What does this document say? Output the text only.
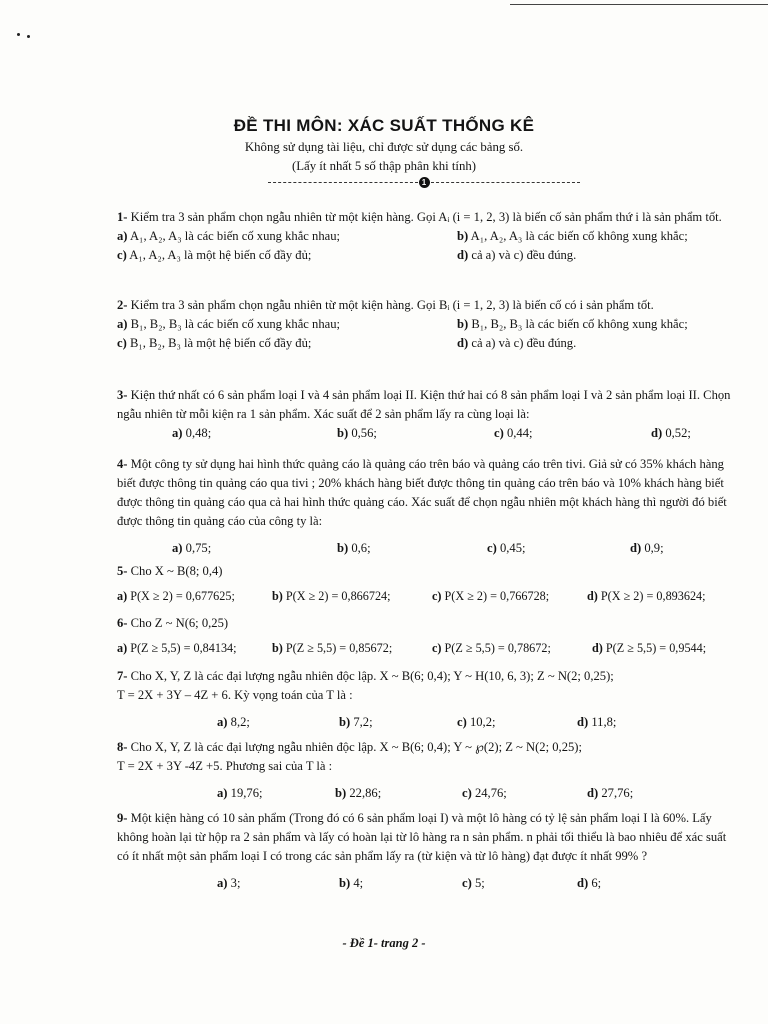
ĐỀ THI MÔN: XÁC SUẤT THỐNG KÊ
Không sử dụng tài liệu, chỉ được sử dụng các bảng số.
(Lấy ít nhất 5 số thập phân khi tính)
1

1- Kiểm tra 3 sản phẩm chọn ngẫu nhiên từ một kiện hàng. Gọi Aᵢ (i = 1, 2, 3) là biến cố sản phẩm thứ i là sản phẩm tốt.

a) A₁, A₂, A₃ là các biến cố xung khắc nhau;	b) A₁, A₂, A₃ là các biến cố không xung khắc;
c) A₁, A₂, A₃ là một hệ biến cố đầy đủ;	d) cả a) và c) đều đúng.

2- Kiểm tra 3 sản phẩm chọn ngẫu nhiên từ một kiện hàng. Gọi Bᵢ (i = 1, 2, 3) là biến cố có i sản phẩm tốt.

a) B₁, B₂, B₃ là các biến cố xung khắc nhau;	b) B₁, B₂, B₃ là các biến cố không xung khắc;
c) B₁, B₂, B₃ là một hệ biến cố đầy đủ;	d) cả a) và c) đều đúng.

3- Kiện thứ nhất có 6 sản phẩm loại I và 4 sản phẩm loại II. Kiện thứ hai có 8 sản phẩm loại I và 2 sản phẩm loại II. Chọn ngẫu nhiên từ mỗi kiện ra 1 sản phẩm. Xác suất để 2 sản phẩm lấy ra cùng loại là:

a) 0,48;	b) 0,56;	c) 0,44;	d) 0,52;

4- Một công ty sử dụng hai hình thức quảng cáo là quảng cáo trên báo và quảng cáo trên tivi. Giả sử có 35% khách hàng biết được thông tin quảng cáo qua tivi ; 20% khách hàng biết được thông tin quảng cáo trên báo và 10% khách hàng biết được thông tin quảng cáo qua cả hai hình thức quảng cáo. Xác suất để chọn ngẫu nhiên một khách hàng thì người đó biết được thông tin quảng cáo của công ty là:

a) 0,75;	b) 0,6;	c) 0,45;	d) 0,9;

5- Cho X ~ B(8; 0,4)

a) P(X ≥ 2) = 0,677625;	b) P(X ≥ 2) = 0,866724;	c) P(X ≥ 2) = 0,766728;	d) P(X ≥ 2) = 0,893624;

6- Cho Z ~ N(6; 0,25)

a) P(Z ≥ 5,5) = 0,84134;	b) P(Z ≥ 5,5) = 0,85672;	c) P(Z ≥ 5,5) = 0,78672;	d) P(Z ≥ 5,5) = 0,9544;

7- Cho X, Y, Z là các đại lượng ngẫu nhiên độc lập. X ~ B(6; 0,4); Y ~ H(10, 6, 3); Z ~ N(2; 0,25);

T = 2X + 3Y – 4Z + 6. Kỳ vọng toán của T là :

a) 8,2;	b) 7,2;	c) 10,2;	d) 11,8;

8- Cho X, Y, Z là các đại lượng ngẫu nhiên độc lập. X ~ B(6; 0,4); Y ~ ℘(2); Z ~ N(2; 0,25);

T = 2X + 3Y -4Z +5. Phương sai của T là :

a) 19,76;	b) 22,86;	c) 24,76;	d) 27,76;

9- Một kiện hàng có 10 sản phẩm (Trong đó có 6 sản phẩm loại I) và một lô hàng có tỷ lệ sản phẩm loại I là 60%. Lấy không hoàn lại từ hộp ra 2 sản phẩm và lấy có hoàn lại từ lô hàng ra n sản phẩm. n phải tối thiểu là bao nhiêu để xác suất có ít nhất một sản phẩm loại I có trong các sản phẩm lấy ra (từ kiện và từ lô hàng) đạt được ít nhất 99% ?

a) 3;	b) 4;	c) 5;	d) 6;
- Đề 1- trang 2 -
